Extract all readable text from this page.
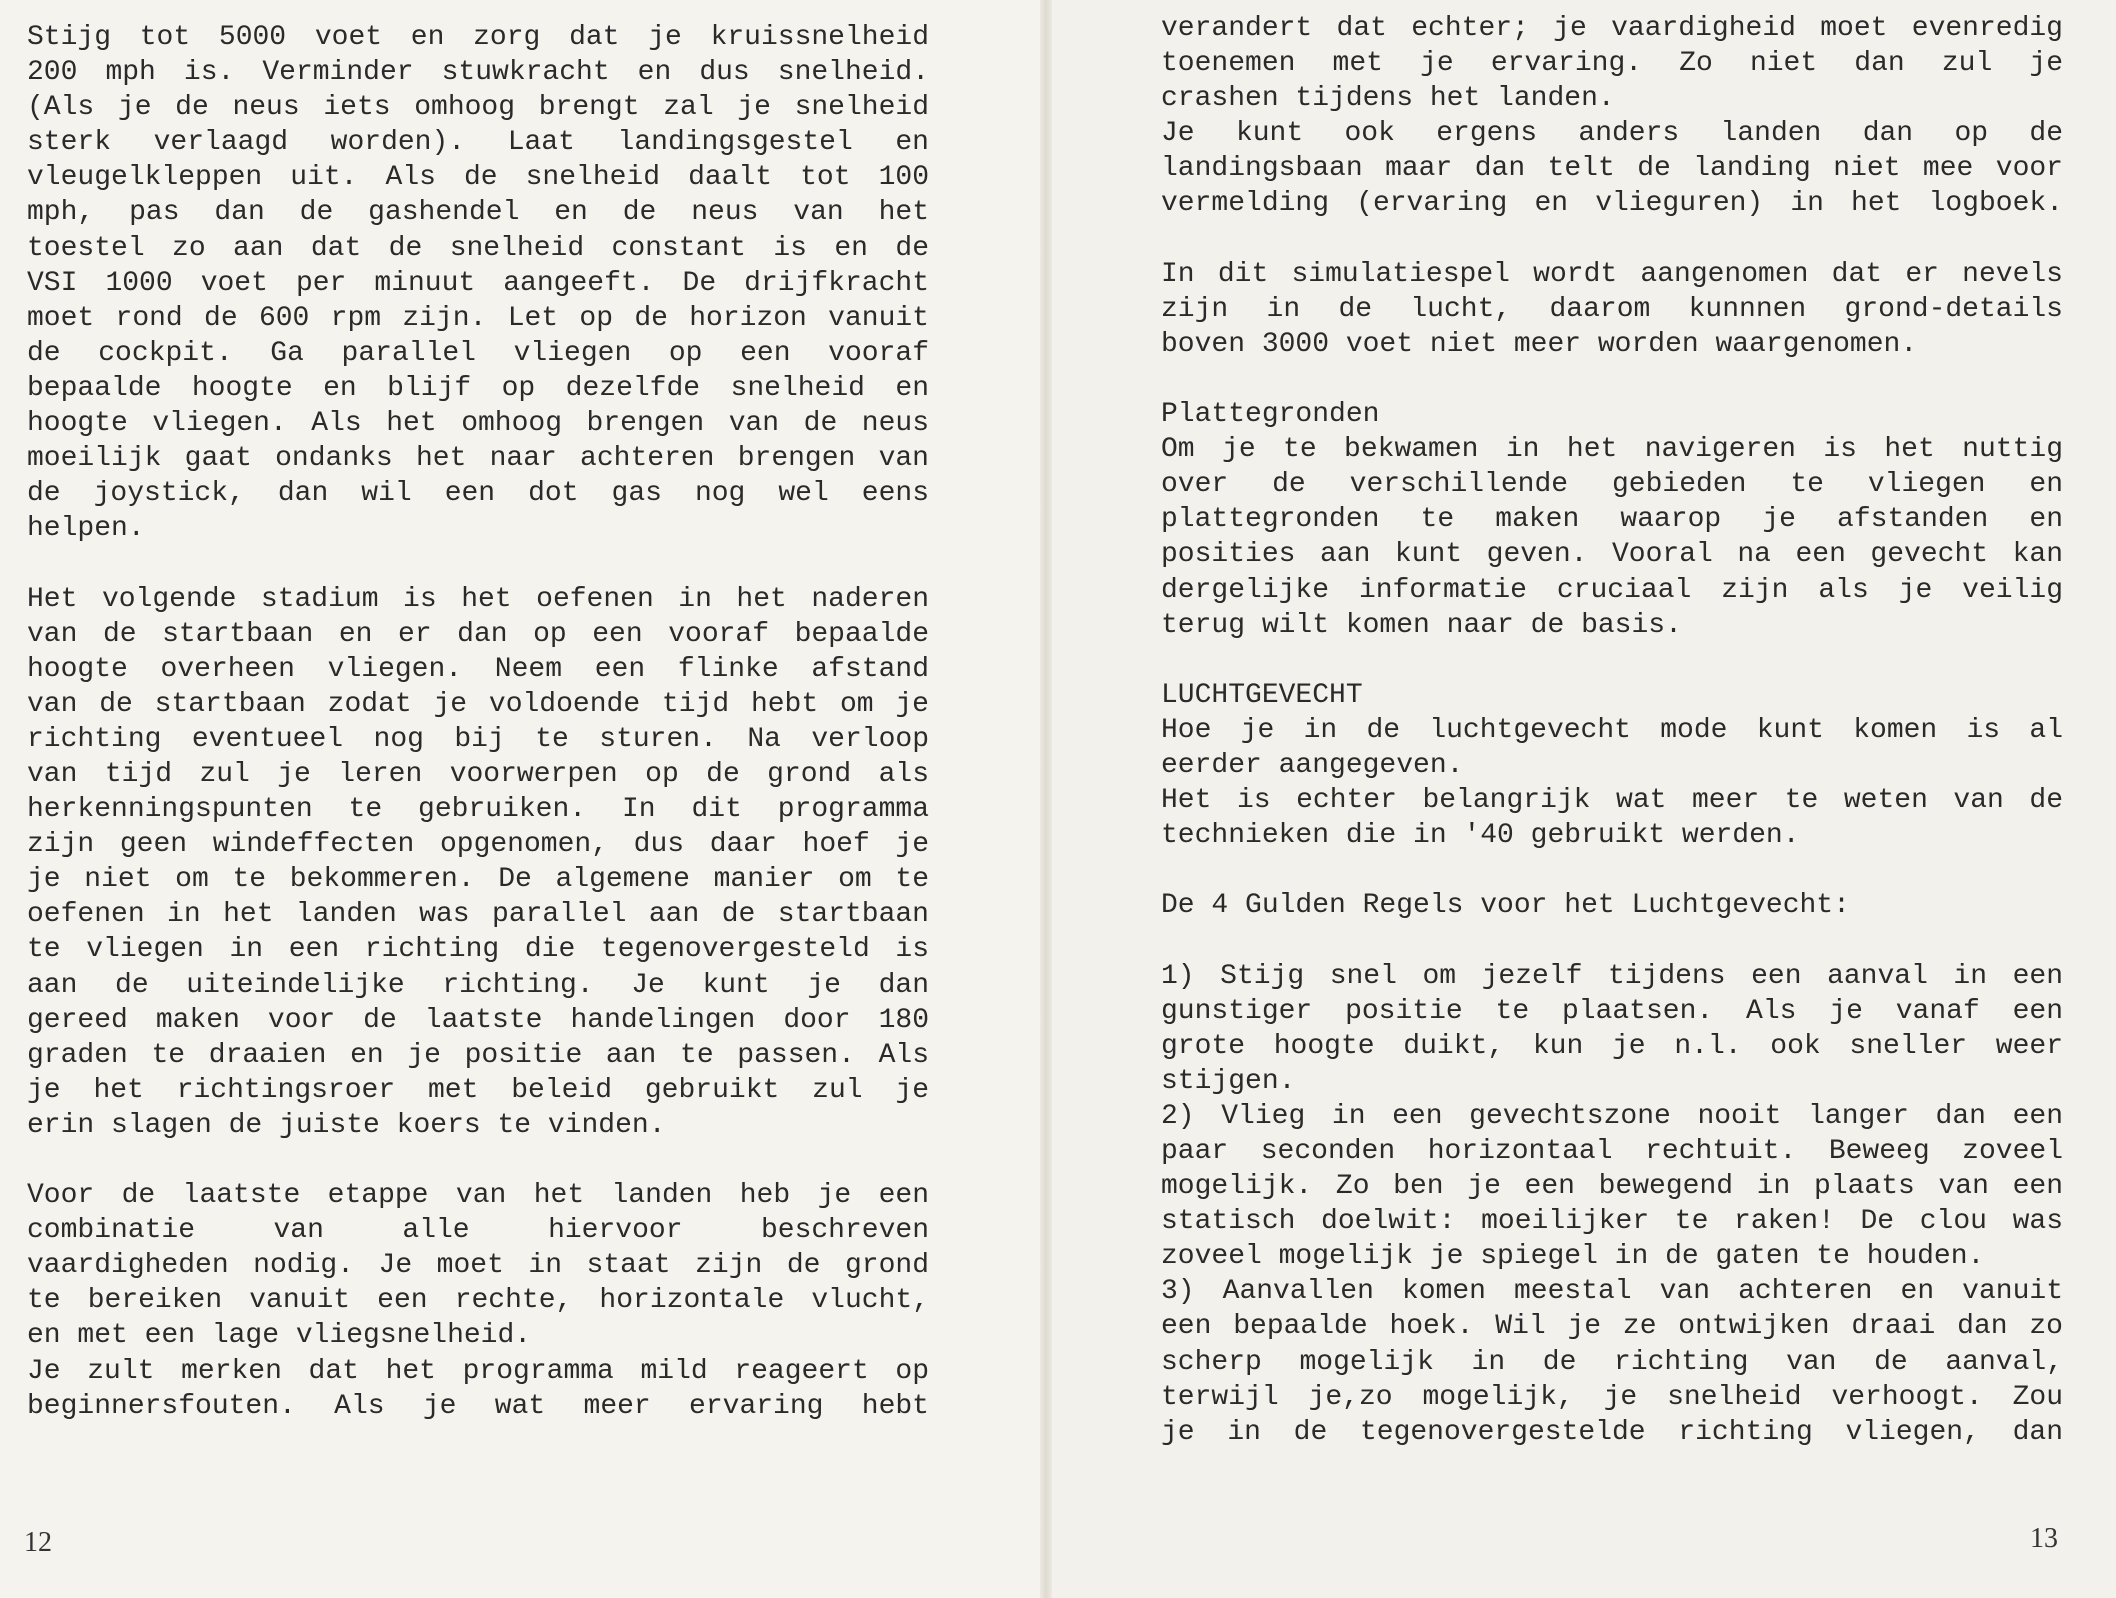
Stijg tot 5000 voet en zorg dat je kruissnelheid
200 mph is. Verminder stuwkracht en dus snelheid.
(Als je de neus iets omhoog brengt zal je snelheid
sterk verlaagd worden). Laat landingsgestel en
vleugelkleppen uit. Als de snelheid daalt tot 100
mph, pas dan de gashendel en de neus van het
toestel zo aan dat de snelheid constant is en de
VSI 1000 voet per minuut aangeeft. De drijfkracht
moet rond de 600 rpm zijn. Let op de horizon vanuit
de cockpit. Ga parallel vliegen op een vooraf
bepaalde hoogte en blijf op dezelfde snelheid en
hoogte vliegen. Als het omhoog brengen van de neus
moeilijk gaat ondanks het naar achteren brengen van
de joystick, dan wil een dot gas nog wel eens
helpen.
Het volgende stadium is het oefenen in het naderen
van de startbaan en er dan op een vooraf bepaalde
hoogte overheen vliegen. Neem een flinke afstand
van de startbaan zodat je voldoende tijd hebt om je
richting eventueel nog bij te sturen. Na verloop
van tijd zul je leren voorwerpen op de grond als
herkenningspunten te gebruiken. In dit programma
zijn geen windeffecten opgenomen, dus daar hoef je
je niet om te bekommeren. De algemene manier om te
oefenen in het landen was parallel aan de startbaan
te vliegen in een richting die tegenovergesteld is
aan de uiteindelijke richting. Je kunt je dan
gereed maken voor de laatste handelingen door 180
graden te draaien en je positie aan te passen. Als
je het richtingsroer met beleid gebruikt zul je
erin slagen de juiste koers te vinden.
Voor de laatste etappe van het landen heb je een
combinatie van alle hiervoor beschreven
vaardigheden nodig. Je moet in staat zijn de grond
te bereiken vanuit een rechte, horizontale vlucht,
en met een lage vliegsnelheid.
Je zult merken dat het programma mild reageert op
beginnersfouten. Als je wat meer ervaring hebt
verandert dat echter; je vaardigheid moet evenredig
toenemen met je ervaring. Zo niet dan zul je
crashen tijdens het landen.
Je kunt ook ergens anders landen dan op de
landingsbaan maar dan telt de landing niet mee voor
vermelding (ervaring en vlieguren) in het logboek.
In dit simulatiespel wordt aangenomen dat er nevels
zijn in de lucht, daarom kunnnen grond-details
boven 3000 voet niet meer worden waargenomen.
Plattegronden
Om je te bekwamen in het navigeren is het nuttig
over de verschillende gebieden te vliegen en
plattegronden te maken waarop je afstanden en
posities aan kunt geven. Vooral na een gevecht kan
dergelijke informatie cruciaal zijn als je veilig
terug wilt komen naar de basis.
LUCHTGEVECHT
Hoe je in de luchtgevecht mode kunt komen is al
eerder aangegeven.
Het is echter belangrijk wat meer te weten van de
technieken die in '40 gebruikt werden.
De 4 Gulden Regels voor het Luchtgevecht:
1) Stijg snel om jezelf tijdens een aanval in een
gunstiger positie te plaatsen. Als je vanaf een
grote hoogte duikt, kun je n.l. ook sneller weer
stijgen.
2) Vlieg in een gevechtszone nooit langer dan een
paar seconden horizontaal rechtuit. Beweeg zoveel
mogelijk. Zo ben je een bewegend in plaats van een
statisch doelwit: moeilijker te raken! De clou was
zoveel mogelijk je spiegel in de gaten te houden.
3) Aanvallen komen meestal van achteren en vanuit
een bepaalde hoek. Wil je ze ontwijken draai dan zo
scherp mogelijk in de richting van de aanval,
terwijl je,zo mogelijk, je snelheid verhoogt. Zou
je in de tegenovergestelde richting vliegen, dan
12	13
